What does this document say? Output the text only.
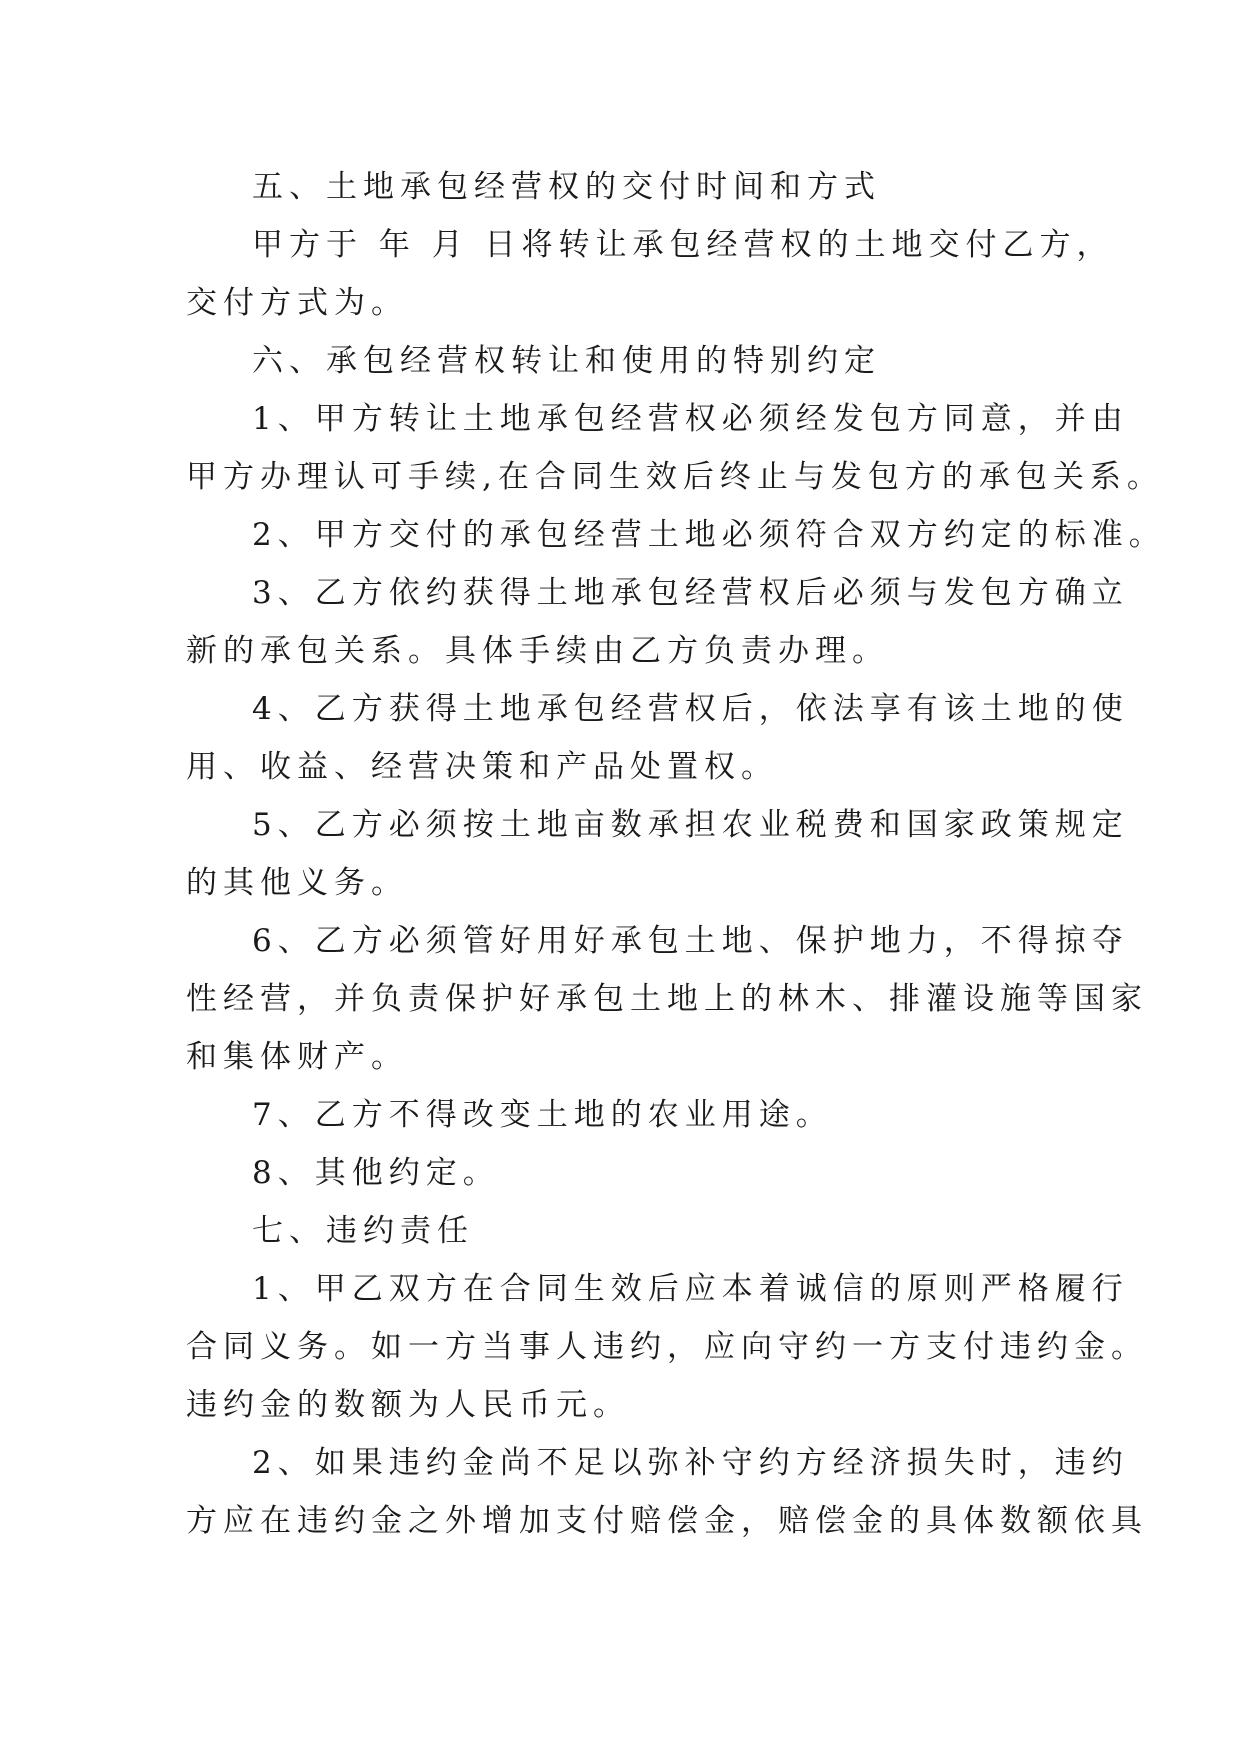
五、土地承包经营权的交付时间和方式
甲方于 年 月 日将转让承包经营权的土地交付乙方，
交付方式为。
六、承包经营权转让和使用的特别约定
1、甲方转让土地承包经营权必须经发包方同意，并由
甲方办理认可手续,在合同生效后终止与发包方的承包关系。
2、甲方交付的承包经营土地必须符合双方约定的标准。
3、乙方依约获得土地承包经营权后必须与发包方确立
新的承包关系。具体手续由乙方负责办理。
4、乙方获得土地承包经营权后，依法享有该土地的使
用、收益、经营决策和产品处置权。
5、乙方必须按土地亩数承担农业税费和国家政策规定
的其他义务。
6、乙方必须管好用好承包土地、保护地力，不得掠夺
性经营，并负责保护好承包土地上的林木、排灌设施等国家
和集体财产。
7、乙方不得改变土地的农业用途。
8、其他约定。
七、违约责任
1、甲乙双方在合同生效后应本着诚信的原则严格履行
合同义务。如一方当事人违约，应向守约一方支付违约金。
违约金的数额为人民币元。
2、如果违约金尚不足以弥补守约方经济损失时，违约
方应在违约金之外增加支付赔偿金，赔偿金的具体数额依具
